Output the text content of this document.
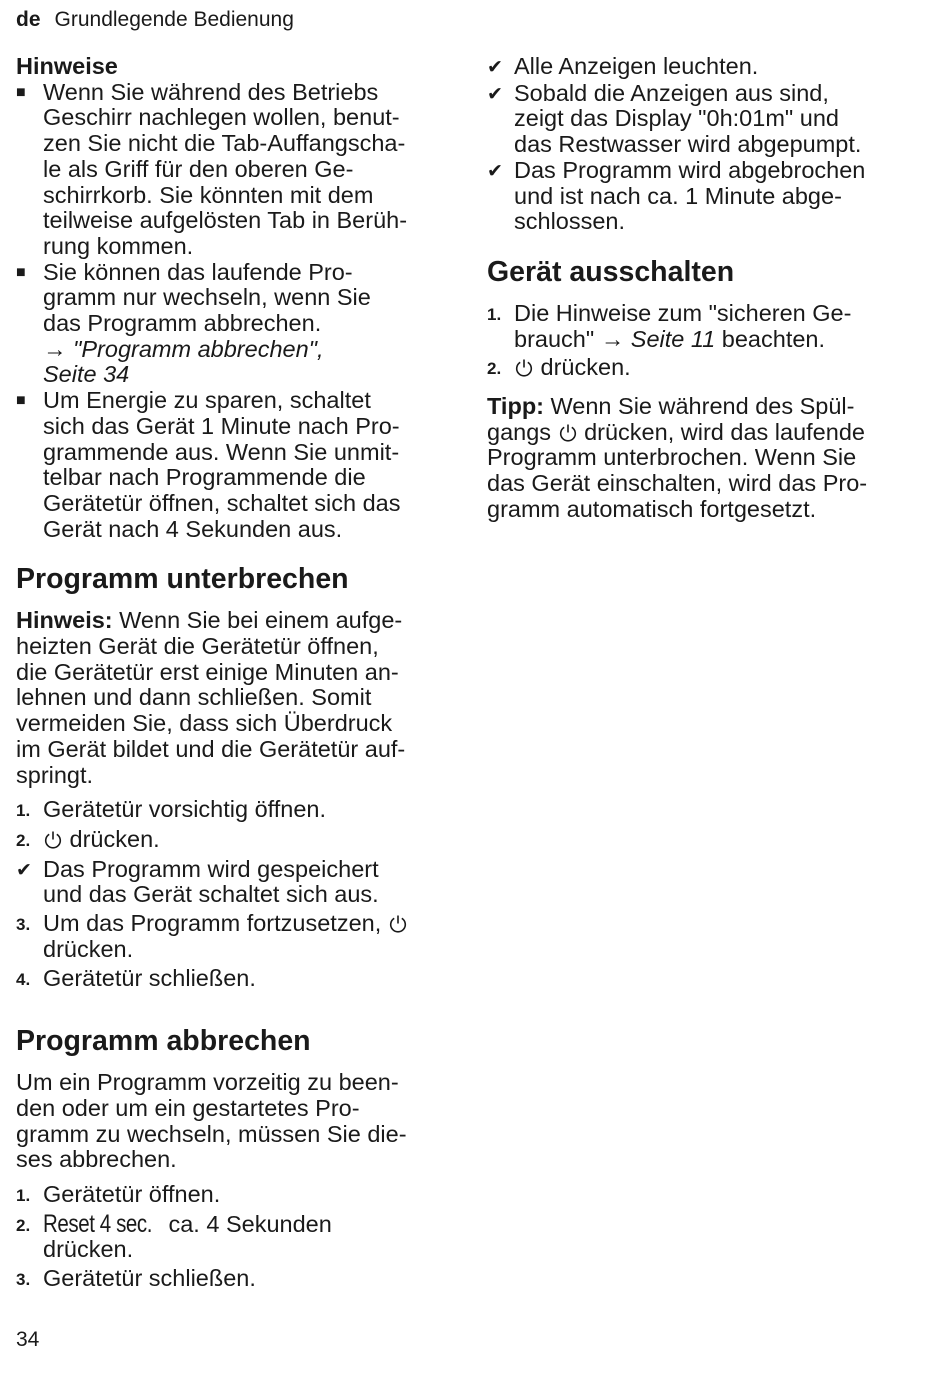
de Grundlegende Bedienung
Hinweise
■ Wenn Sie während des Betriebs
Geschirr nachlegen wollen, benut-
zen Sie nicht die Tab-Auffangscha-
le als Griff für den oberen Ge-
schirrkorb. Sie könnten mit dem
teilweise aufgelösten Tab in Berüh-
rung kommen.
■ Sie können das laufende Pro-
gramm nur wechseln, wenn Sie
das Programm abbrechen.
→ "Programm abbrechen",
Seite 34
■ Um Energie zu sparen, schaltet
sich das Gerät 1 Minute nach Pro-
grammende aus. Wenn Sie unmit-
telbar nach Programmende die
Gerätetür öffnen, schaltet sich das
Gerät nach 4 Sekunden aus.
Programm unterbrechen
Hinweis: Wenn Sie bei einem aufge-
heizten Gerät die Gerätetür öffnen,
die Gerätetür erst einige Minuten an-
lehnen und dann schließen. Somit
vermeiden Sie, dass sich Überdruck
im Gerät bildet und die Gerätetür auf-
springt.
1. Gerätetür vorsichtig öffnen.
2.	drücken.
✔ Das Programm wird gespeichert
und das Gerät schaltet sich aus.
3. Um das Programm fortzusetzen,
drücken.
4. Gerätetür schließen.
Programm abbrechen
Um ein Programm vorzeitig zu been-
den oder um ein gestartetes Pro-
gramm zu wechseln, müssen Sie die-
ses abbrechen.
1. Gerätetür öffnen.
2. Reset 4 sec. ca. 4 Sekunden
drücken.
3. Gerätetür schließen.
✔ Alle Anzeigen leuchten.
✔ Sobald die Anzeigen aus sind,
zeigt das Display "0h:01m" und
das Restwasser wird abgepumpt.
✔ Das Programm wird abgebrochen
und ist nach ca. 1 Minute abge-
schlossen.
Gerät ausschalten
1. Die Hinweise zum "sicheren Ge-
brauch" → Seite 11 beachten.
2.	drücken.
Tipp: Wenn Sie während des Spül-
gangs  drücken, wird das laufende
Programm unterbrochen. Wenn Sie
das Gerät einschalten, wird das Pro-
gramm automatisch fortgesetzt.
34
